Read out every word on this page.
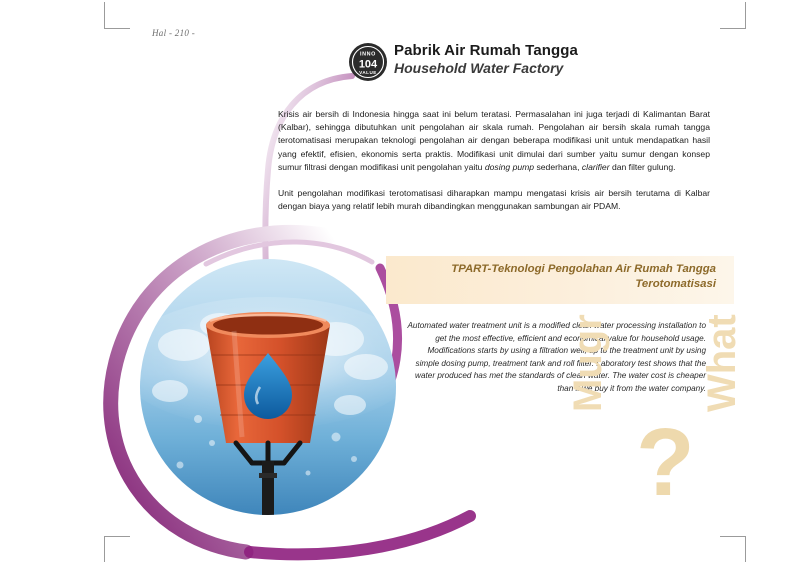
Hal - 210 -
INNO
104
VALUE
Pabrik Air Rumah Tangga
Household Water Factory

Krisis air bersih di Indonesia hingga saat ini belum teratasi. Permasalahan ini juga terjadi di Kalimantan Barat (Kalbar), sehingga dibutuhkan unit pengolahan air skala rumah. Pengolahan air bersih skala rumah tangga terotomatisasi merupakan teknologi pengolahan air dengan beberapa modifikasi unit untuk mendapatkan hasil yang efektif, efisien, ekonomis serta praktis. Modifikasi unit dimulai dari sumber yaitu sumur dengan konsep sumur filtrasi dengan modifikasi unit pengolahan yaitu dosing pump sederhana, clarifier dan filter gulung.

Unit pengolahan modifikasi terotomatisasi diharapkan mampu mengatasi krisis air bersih terutama di Kalbar dengan biaya yang relatif lebih murah dibandingkan menggunakan sambungan air PDAM.

TPART-Teknologi Pengolahan Air Rumah Tangga
Terotomatisasi
Automated water treatment unit is a modified clean water processing installation to get the most effective, efficient and economical value for household usage. Modifications starts by using a filtration well, up to the treatment unit by using simple dosing pump, treatment tank and roll filter. Laboratory test shows that the water produced has met the standards of clean water. The water cost is cheaper than if we buy it from the water company.
Mugr
?
What
